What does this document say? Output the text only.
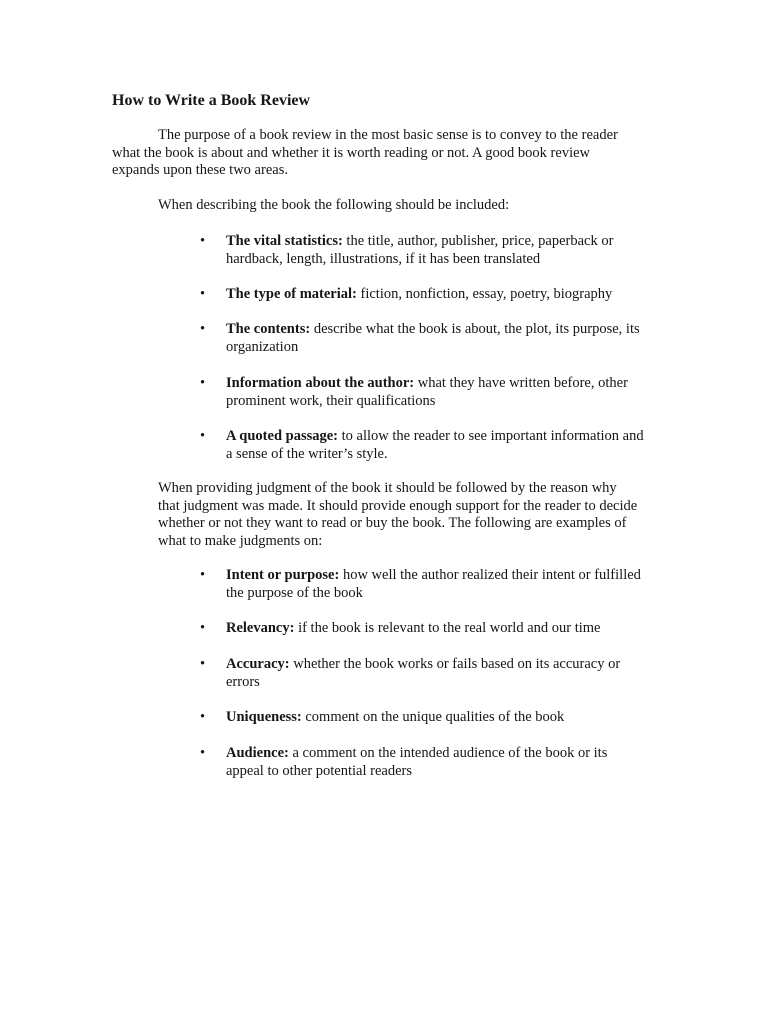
How to Write a Book Review

The purpose of a book review in the most basic sense is to convey to the reader what the book is about and whether it is worth reading or not. A good book review expands upon these two areas.

When describing the book the following should be included:

• The vital statistics: the title, author, publisher, price, paperback or hardback, length, illustrations, if it has been translated
• The type of material: fiction, nonfiction, essay, poetry, biography
• The contents: describe what the book is about, the plot, its purpose, its organization
• Information about the author: what they have written before, other prominent work, their qualifications
• A quoted passage: to allow the reader to see important information and a sense of the writer’s style.

When providing judgment of the book it should be followed by the reason why that judgment was made. It should provide enough support for the reader to decide whether or not they want to read or buy the book. The following are examples of what to make judgments on:

• Intent or purpose: how well the author realized their intent or fulfilled the purpose of the book
• Relevancy: if the book is relevant to the real world and our time
• Accuracy: whether the book works or fails based on its accuracy or errors
• Uniqueness: comment on the unique qualities of the book
• Audience: a comment on the intended audience of the book or its appeal to other potential readers
